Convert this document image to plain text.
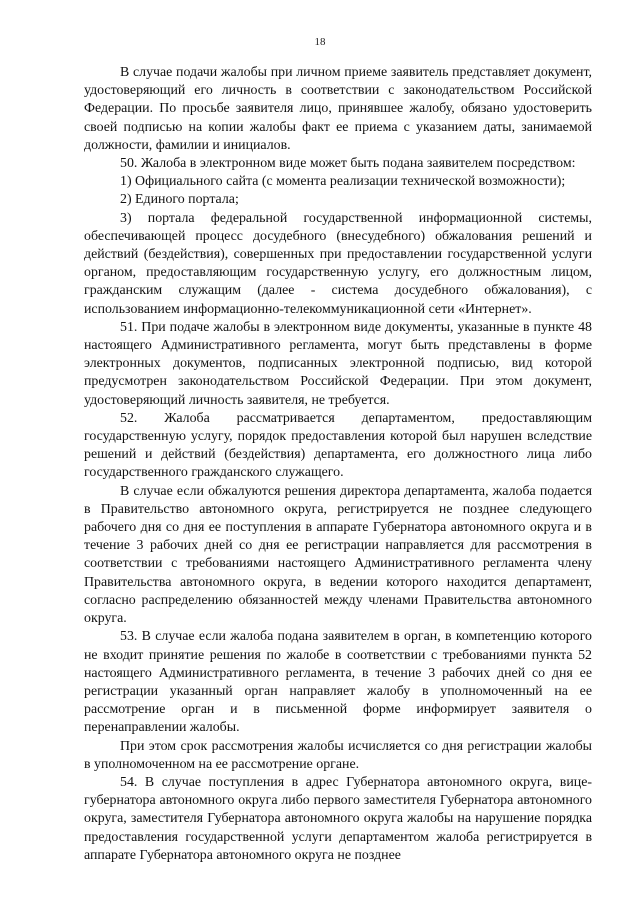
18

В случае подачи жалобы при личном приеме заявитель представляет документ, удостоверяющий его личность в соответствии с законодательством Российской Федерации. По просьбе заявителя лицо, принявшее жалобу, обязано удостоверить своей подписью на копии жалобы факт ее приема с указанием даты, занимаемой должности, фамилии и инициалов.

50. Жалоба в электронном виде может быть подана заявителем посредством:

1) Официального сайта (с момента реализации технической возможности);

2) Единого портала;

3) портала федеральной государственной информационной системы, обеспечивающей процесс досудебного (внесудебного) обжалования решений и действий (бездействия), совершенных при предоставлении государственной услуги органом, предоставляющим государственную услугу, его должностным лицом, гражданским служащим (далее - система досудебного обжалования), с использованием информационно-телекоммуникационной сети «Интернет».

51. При подаче жалобы в электронном виде документы, указанные в пункте 48 настоящего Административного регламента, могут быть представлены в форме электронных документов, подписанных электронной подписью, вид которой предусмотрен законодательством Российской Федерации. При этом документ, удостоверяющий личность заявителя, не требуется.

52. Жалоба рассматривается департаментом, предоставляющим государственную услугу, порядок предоставления которой был нарушен вследствие решений и действий (бездействия) департамента, его должностного лица либо государственного гражданского служащего.

В случае если обжалуются решения директора департамента, жалоба подается в Правительство автономного округа, регистрируется не позднее следующего рабочего дня со дня ее поступления в аппарате Губернатора автономного округа и в течение 3 рабочих дней со дня ее регистрации направляется для рассмотрения в соответствии с требованиями настоящего Административного регламента члену Правительства автономного округа, в ведении которого находится департамент, согласно распределению обязанностей между членами Правительства автономного округа.

53. В случае если жалоба подана заявителем в орган, в компетенцию которого не входит принятие решения по жалобе в соответствии с требованиями пункта 52 настоящего Административного регламента, в течение 3 рабочих дней со дня ее регистрации указанный орган направляет жалобу в уполномоченный на ее рассмотрение орган и в письменной форме информирует заявителя о перенаправлении жалобы.

При этом срок рассмотрения жалобы исчисляется со дня регистрации жалобы в уполномоченном на ее рассмотрение органе.

54. В случае поступления в адрес Губернатора автономного округа, вице-губернатора автономного округа либо первого заместителя Губернатора автономного округа, заместителя Губернатора автономного округа жалобы на нарушение порядка предоставления государственной услуги департаментом жалоба регистрируется в аппарате Губернатора автономного округа не позднее
